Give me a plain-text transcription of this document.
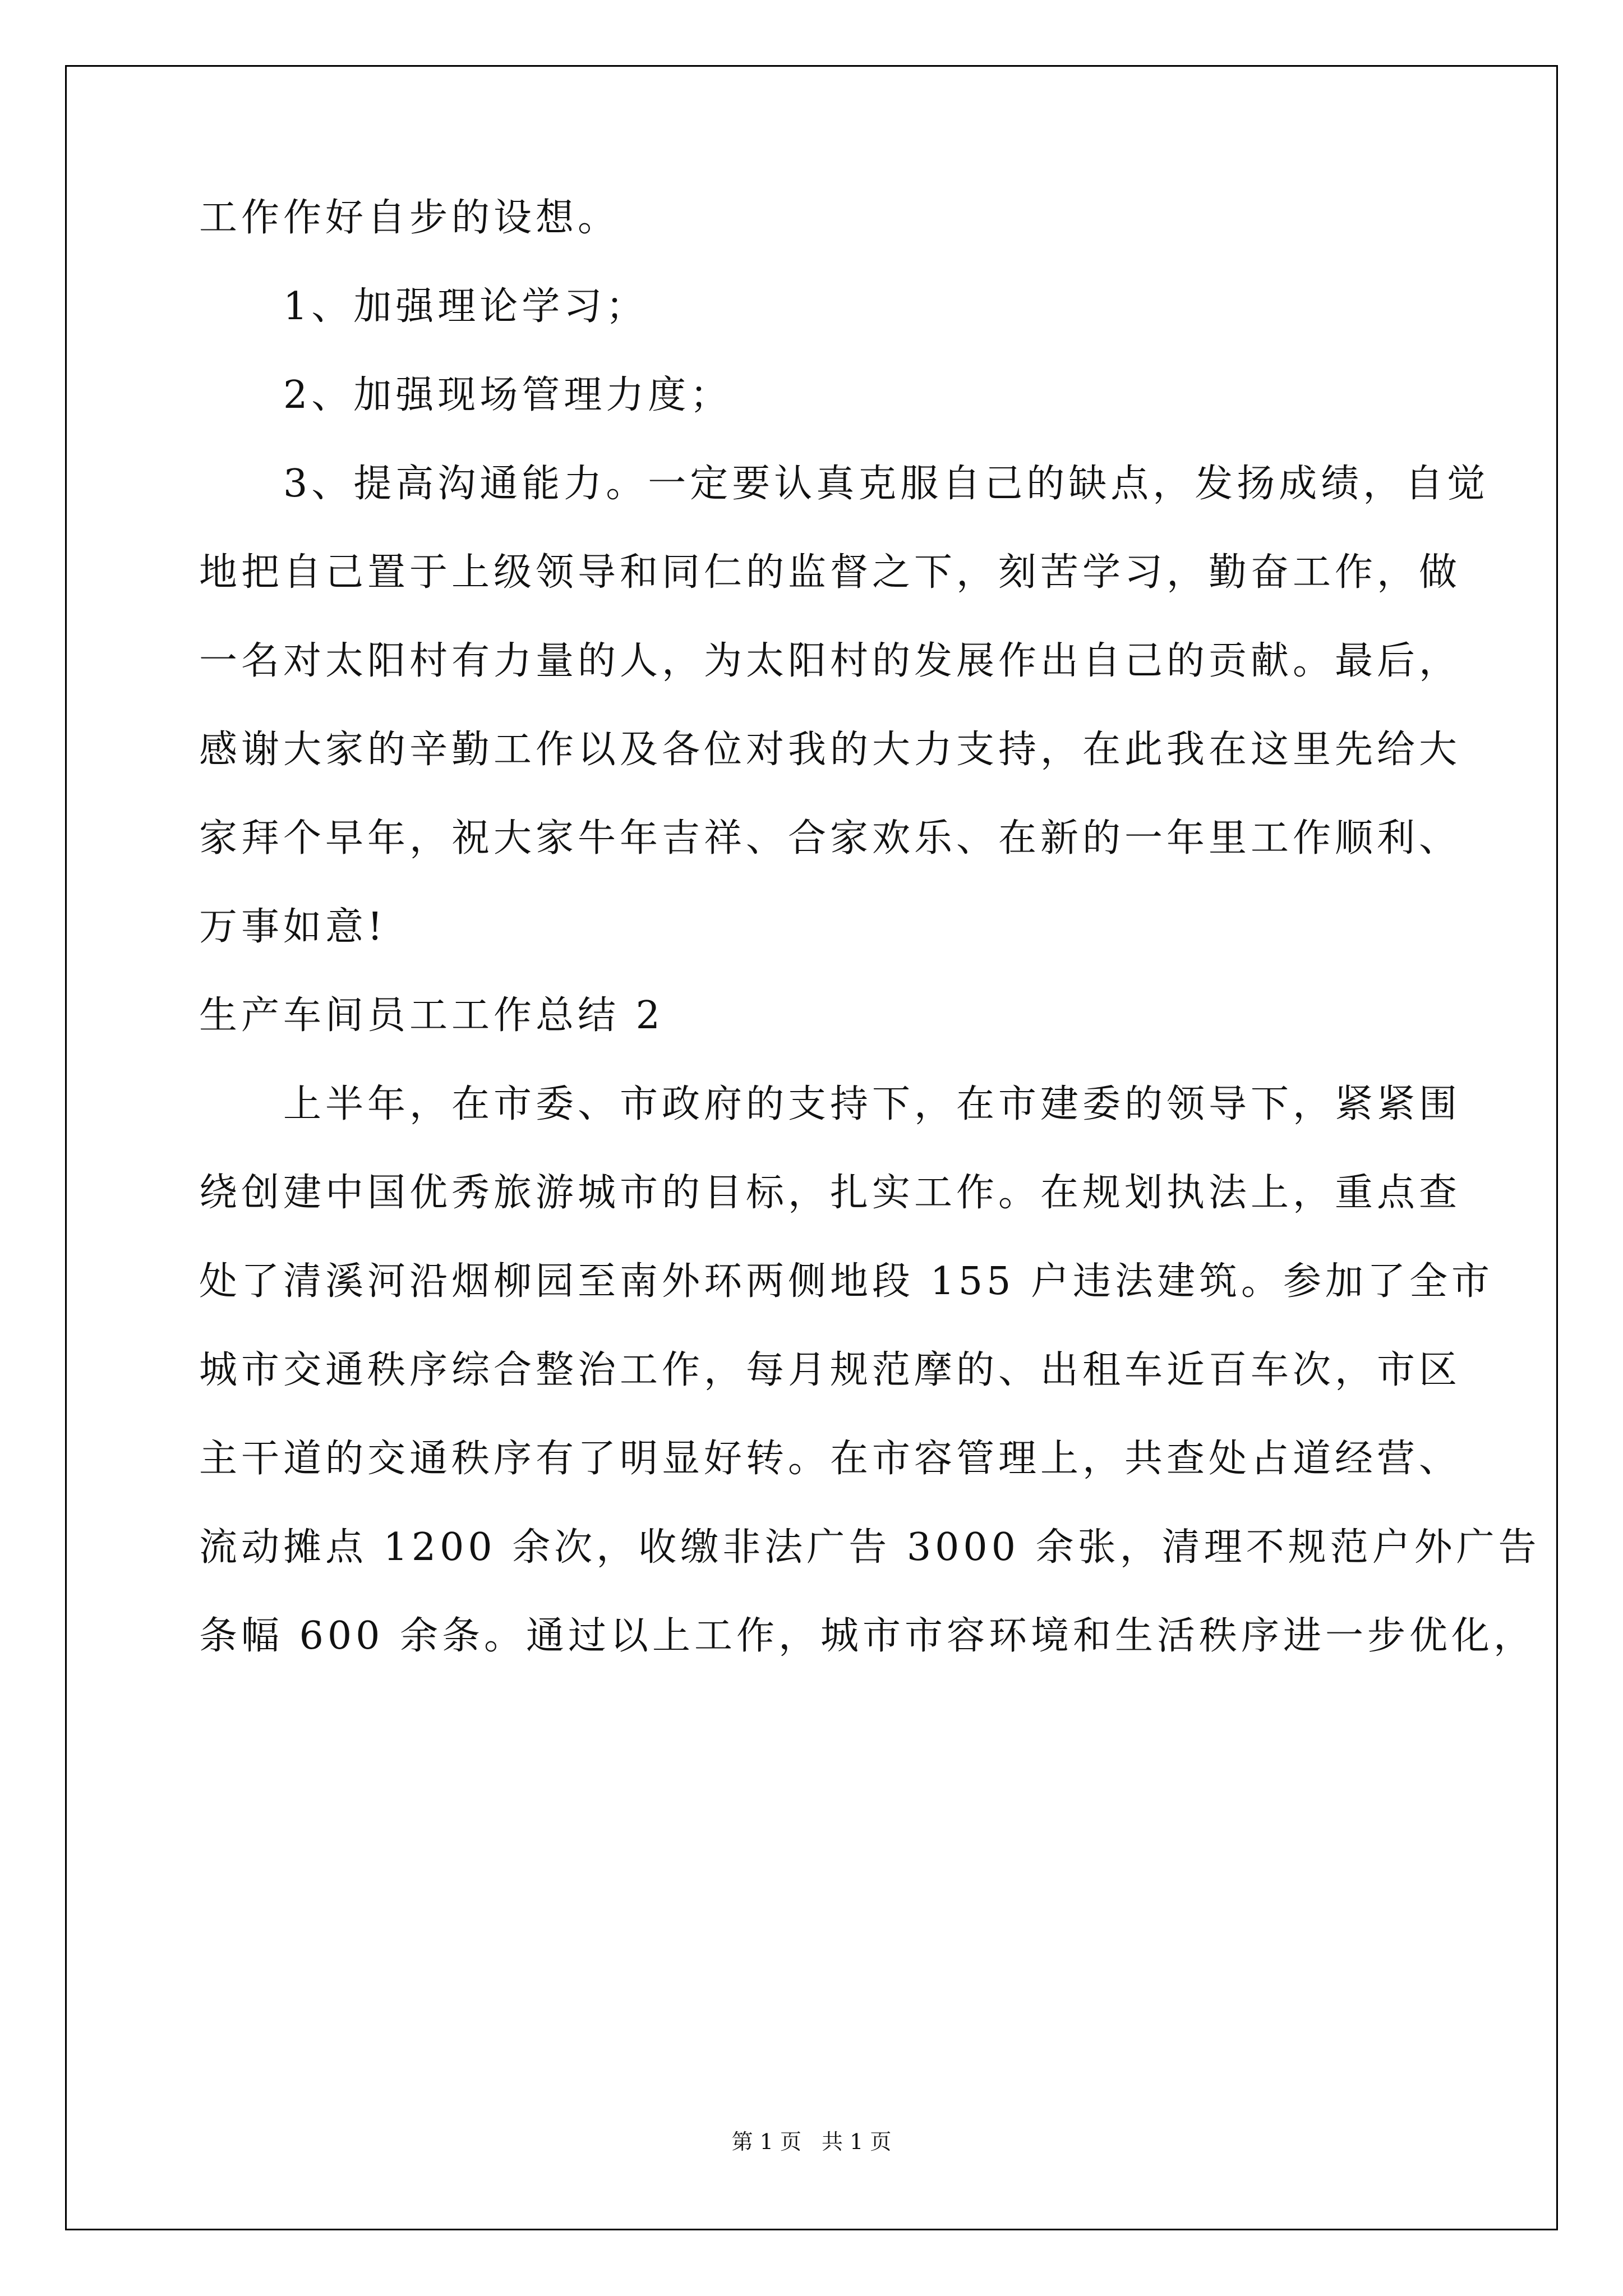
工作作好自步的设想。
1、加强理论学习；
2、加强现场管理力度；
3、提高沟通能力。一定要认真克服自己的缺点，发扬成绩，自觉
地把自己置于上级领导和同仁的监督之下，刻苦学习，勤奋工作，做
一名对太阳村有力量的人，为太阳村的发展作出自己的贡献。最后，
感谢大家的辛勤工作以及各位对我的大力支持，在此我在这里先给大
家拜个早年，祝大家牛年吉祥、合家欢乐、在新的一年里工作顺利、
万事如意!
生产车间员工工作总结 2
上半年，在市委、市政府的支持下，在市建委的领导下，紧紧围
绕创建中国优秀旅游城市的目标，扎实工作。在规划执法上，重点查
处了清溪河沿烟柳园至南外环两侧地段 155 户违法建筑。参加了全市
城市交通秩序综合整治工作，每月规范摩的、出租车近百车次，市区
主干道的交通秩序有了明显好转。在市容管理上，共查处占道经营、
流动摊点 1200 余次，收缴非法广告 3000 余张，清理不规范户外广告
条幅 600 余条。通过以上工作，城市市容环境和生活秩序进一步优化，
第 1 页 共 1 页
